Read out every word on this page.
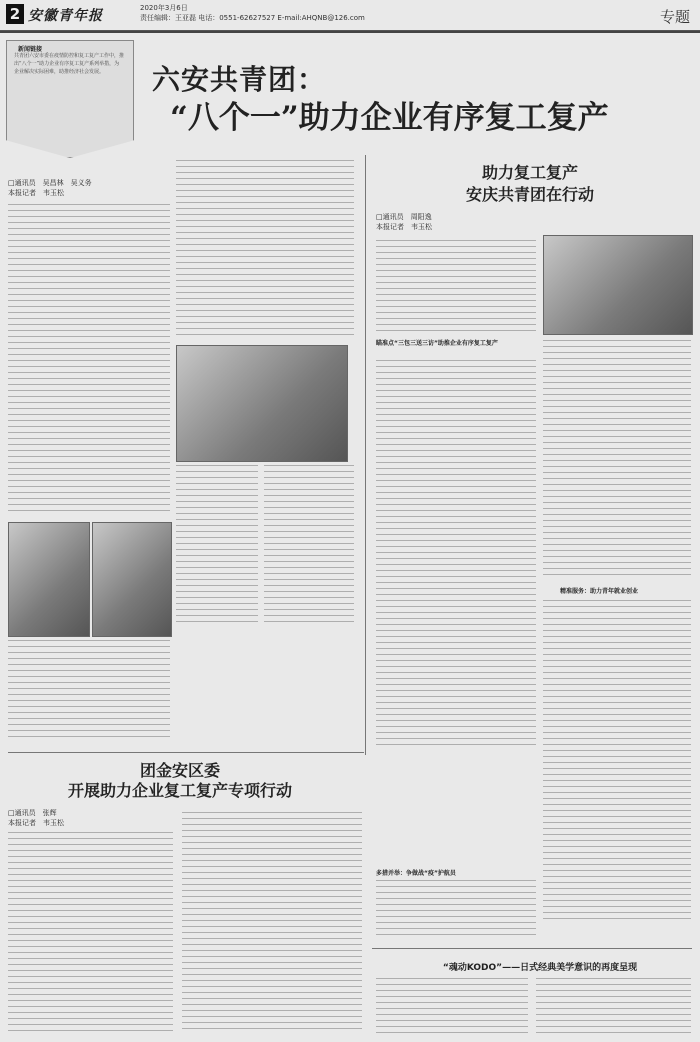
2 安徽青年报	2020年3月6日
责任编辑：王亚磊 电话：0551-62627527 E-mail:AHQNB@126.com	专题
新闻链接
共青团六安市委在疫情防控和复工复产工作中，推出“八个一”助力企业有序复工复产系列举措，为企业解决实际困难，助推经济社会发展。	六安共青团：
“八个一”助力企业有序复工复产
□通讯员　吴昌林　吴义务
本报记者　韦玉松
助力复工复产
安庆共青团在行动
□通讯员　周阳逸
本报记者　韦玉松
瞄准点“三包三送三访”助推企业有序复工复产
精准服务：助力青年就业创业
多措并举：争做战“疫”护航员
团金安区委
开展助力企业复工复产专项行动
□通讯员　张辉
本报记者　韦玉松
“魂动KODO”——日式经典美学意识的再度呈现
